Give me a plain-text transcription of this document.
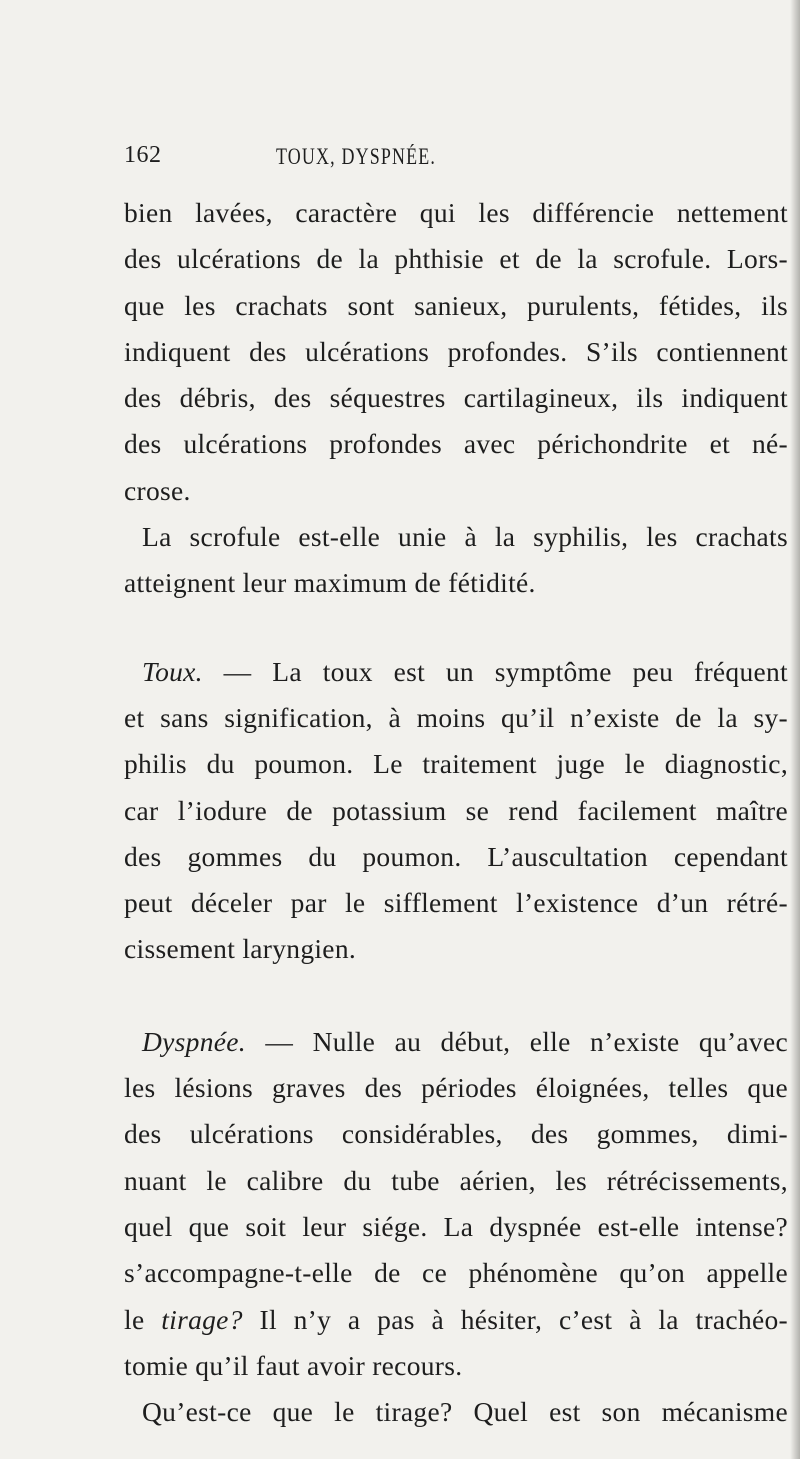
162	TOUX, DYSPNÉE.
bien lavées, caractère qui les différencie nettement
des ulcérations de la phthisie et de la scrofule. Lors-
que les crachats sont sanieux, purulents, fétides, ils
indiquent des ulcérations profondes. S’ils contiennent
des débris, des séquestres cartilagineux, ils indiquent
des ulcérations profondes avec périchondrite et né-
crose.
La scrofule est-elle unie à la syphilis, les crachats
atteignent leur maximum de fétidité.
Toux. — La toux est un symptôme peu fréquent
et sans signification, à moins qu’il n’existe de la sy-
philis du poumon. Le traitement juge le diagnostic,
car l’iodure de potassium se rend facilement maître
des gommes du poumon. L’auscultation cependant
peut déceler par le sifflement l’existence d’un rétré-
cissement laryngien.
Dyspnée. — Nulle au début, elle n’existe qu’avec
les lésions graves des périodes éloignées, telles que
des ulcérations considérables, des gommes, dimi-
nuant le calibre du tube aérien, les rétrécissements,
quel que soit leur siége. La dyspnée est-elle intense?
s’accompagne-t-elle de ce phénomène qu’on appelle
le tirage? Il n’y a pas à hésiter, c’est à la trachéo-
tomie qu’il faut avoir recours.
Qu’est-ce que le tirage? Quel est son mécanisme
